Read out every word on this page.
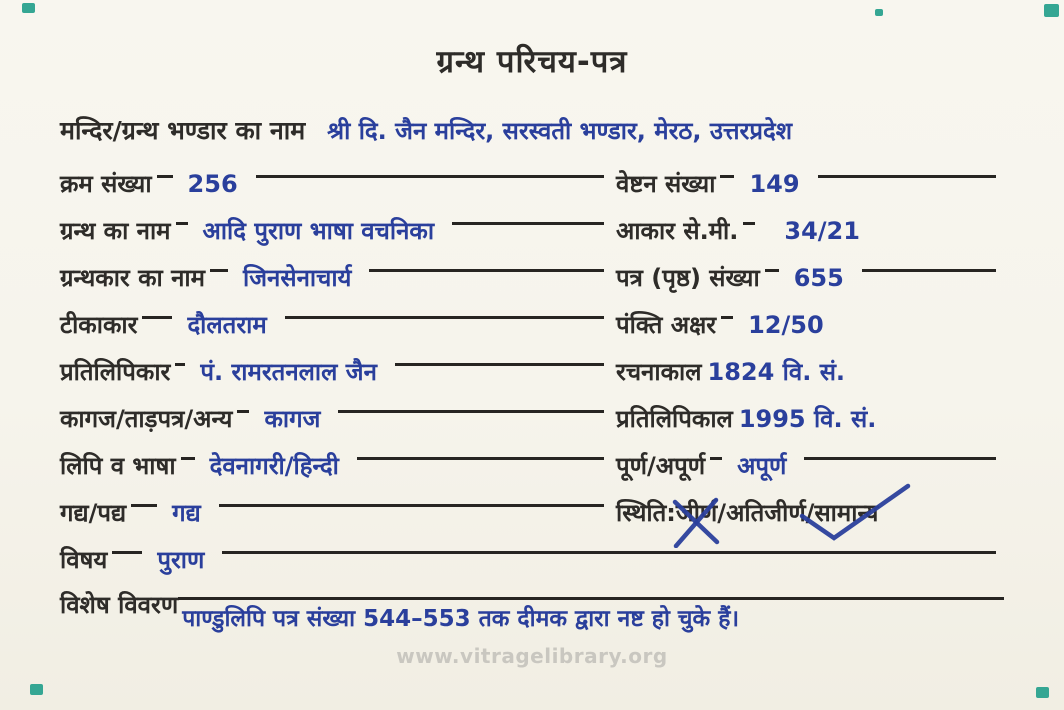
ग्रन्थ परिचय-पत्र
मन्दिर/ग्रन्थ भण्डार का नाम श्री दि. जैन मन्दिर, सरस्वती भण्डार, मेरठ, उत्तरप्रदेश
क्रम संख्या 256	वेष्टन संख्या 149
ग्रन्थ का नाम आदि पुराण भाषा वचनिका	आकार से.मी. 34/21
ग्रन्थकार का नाम जिनसेनाचार्य	पत्र (पृष्ठ) संख्या 655
टीकाकार दौलतराम	पंक्ति अक्षर 12/50
प्रतिलिपिकार पं. रामरतनलाल जैन	रचनाकाल 1824 वि. सं.
कागज/ताड़पत्र/अन्य कागज	प्रतिलिपिकाल 1995 वि. सं.
लिपि व भाषा देवनागरी/हिन्दी	पूर्ण/अपूर्ण अपूर्ण
गद्य/पद्य गद्य	स्थिति: जीर्ण / अतिजीर्ण / सामान्य
विषय पुराण
विशेष विवरण पाण्डुलिपि पत्र संख्या 544–553 तक दीमक द्वारा नष्ट हो चुके हैं।
www.vitragelibrary.org
